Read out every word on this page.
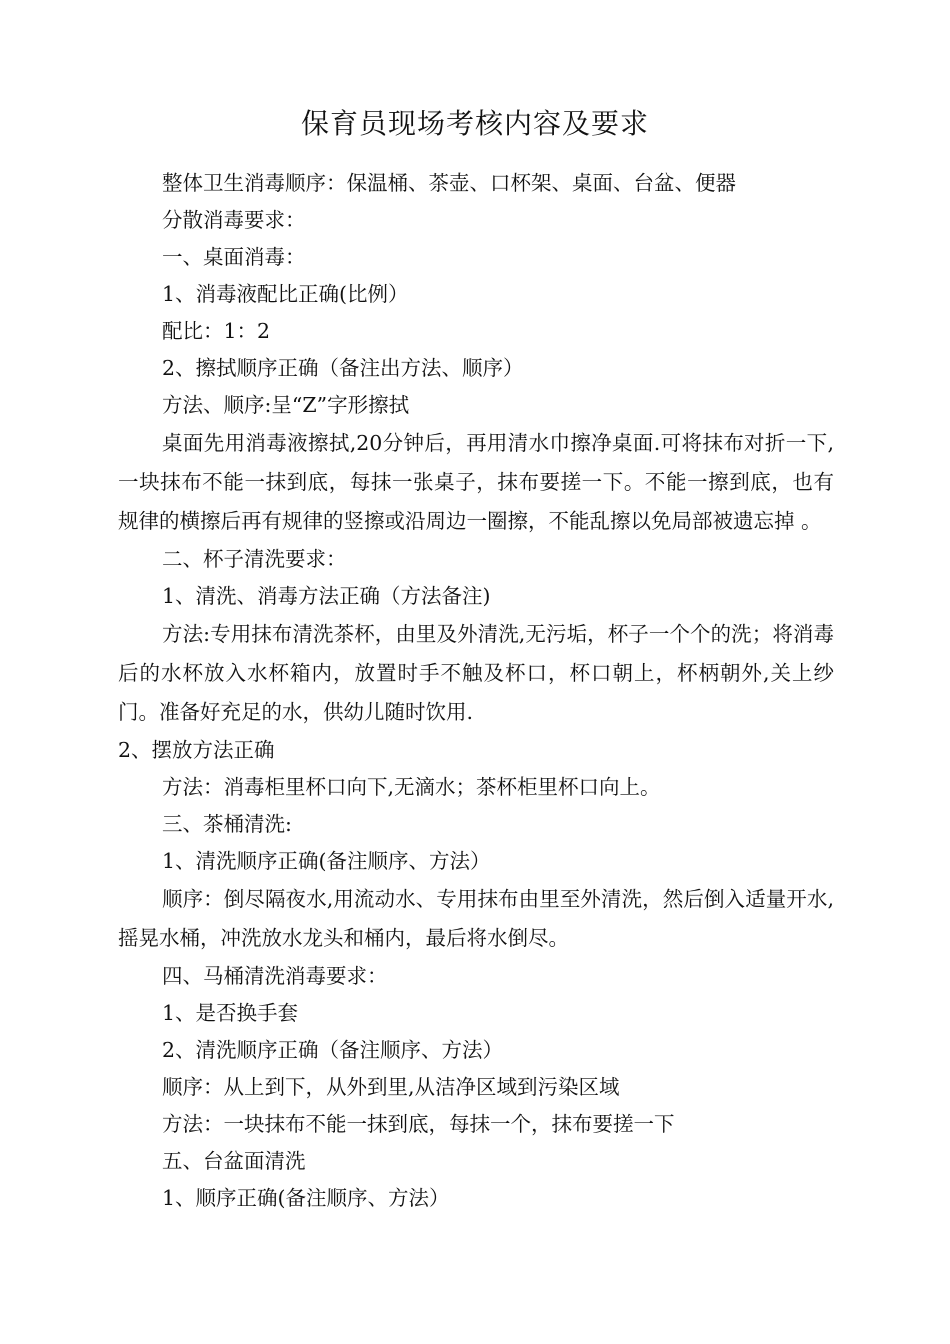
保育员现场考核内容及要求
整体卫生消毒顺序：保温桶、茶壶、口杯架、桌面、台盆、便器
分散消毒要求：
一、桌面消毒：
1、消毒液配比正确(比例）
配比：1：2
2、擦拭顺序正确（备注出方法、顺序）
方法、顺序:呈“Z”字形擦拭
桌面先用消毒液擦拭,20分钟后，再用清水巾擦净桌面.可将抹布对折一下,一块抹布不能一抹到底，每抹一张桌子，抹布要搓一下。不能一擦到底，也有规律的横擦后再有规律的竖擦或沿周边一圈擦，不能乱擦以免局部被遗忘掉 。
二、杯子清洗要求：
1、清洗、消毒方法正确（方法备注)
方法:专用抹布清洗茶杯，由里及外清洗,无污垢，杯子一个个的洗；将消毒后的水杯放入水杯箱内，放置时手不触及杯口，杯口朝上，杯柄朝外,关上纱门。准备好充足的水，供幼儿随时饮用.
2、摆放方法正确
方法：消毒柜里杯口向下,无滴水；茶杯柜里杯口向上。
三、茶桶清洗:
1、清洗顺序正确(备注顺序、方法）
顺序：倒尽隔夜水,用流动水、专用抹布由里至外清洗，然后倒入适量开水,摇晃水桶，冲洗放水龙头和桶内，最后将水倒尽。
四、马桶清洗消毒要求：
1、是否换手套
2、清洗顺序正确（备注顺序、方法）
顺序：从上到下，从外到里,从洁净区域到污染区域
方法：一块抹布不能一抹到底，每抹一个，抹布要搓一下
五、台盆面清洗
1、顺序正确(备注顺序、方法）
